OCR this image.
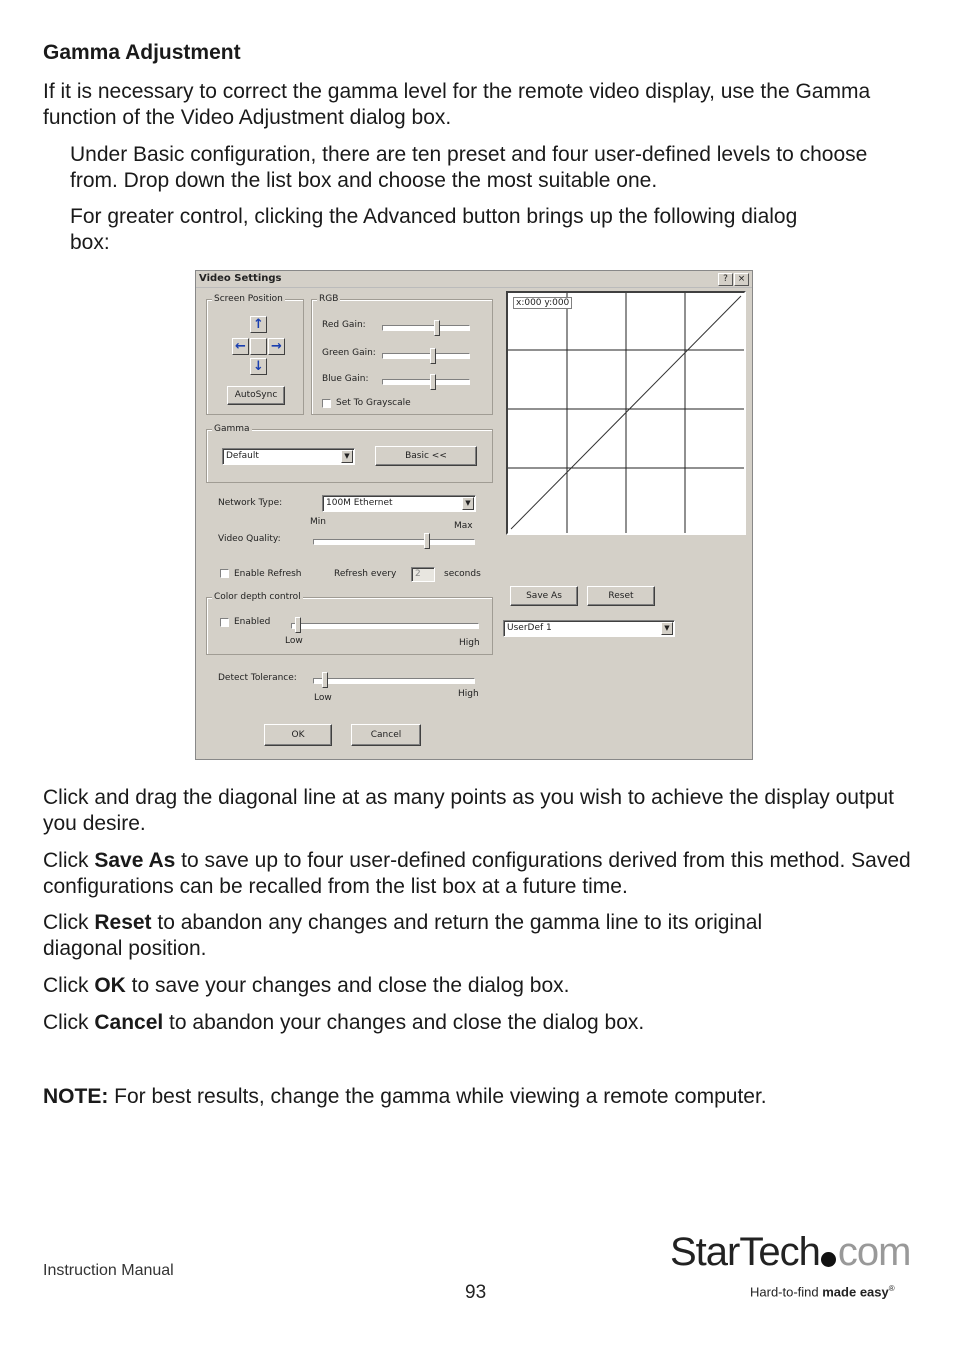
Gamma Adjustment
If it is necessary to correct the gamma level for the remote video display, use the Gamma function of the Video Adjustment dialog box.
Under Basic configuration, there are ten preset and four user-defined levels to choose from. Drop down the list box and choose the most suitable one.
For greater control, clicking the Advanced button brings up the following dialog box:
Video Settings	?	×
Screen Position
↑
← →
↓
AutoSync
RGB
Red Gain:
Green Gain:
Blue Gain:
Set To Grayscale
Gamma
Default	▼	Basic <<
Network Type:	100M Ethernet	▼
Min	Max
Video Quality:
Enable Refresh	Refresh every	2	seconds
Color depth control
Enabled
Low	High
Detect Tolerance:
Low	High
OK	Cancel
x:000 y:000
Save As	Reset
UserDef 1	▼
Click and drag the diagonal line at as many points as you wish to achieve the display output you desire.
Click Save As to save up to four user-defined configurations derived from this method. Saved configurations can be recalled from the list box at a future time.
Click Reset to abandon any changes and return the gamma line to its original diagonal position.
Click OK to save your changes and close the dialog box.
Click Cancel to abandon your changes and close the dialog box.
NOTE: For best results, change the gamma while viewing a remote computer.
Instruction Manual
93
StarTech com
Hard-to-find made easy®
